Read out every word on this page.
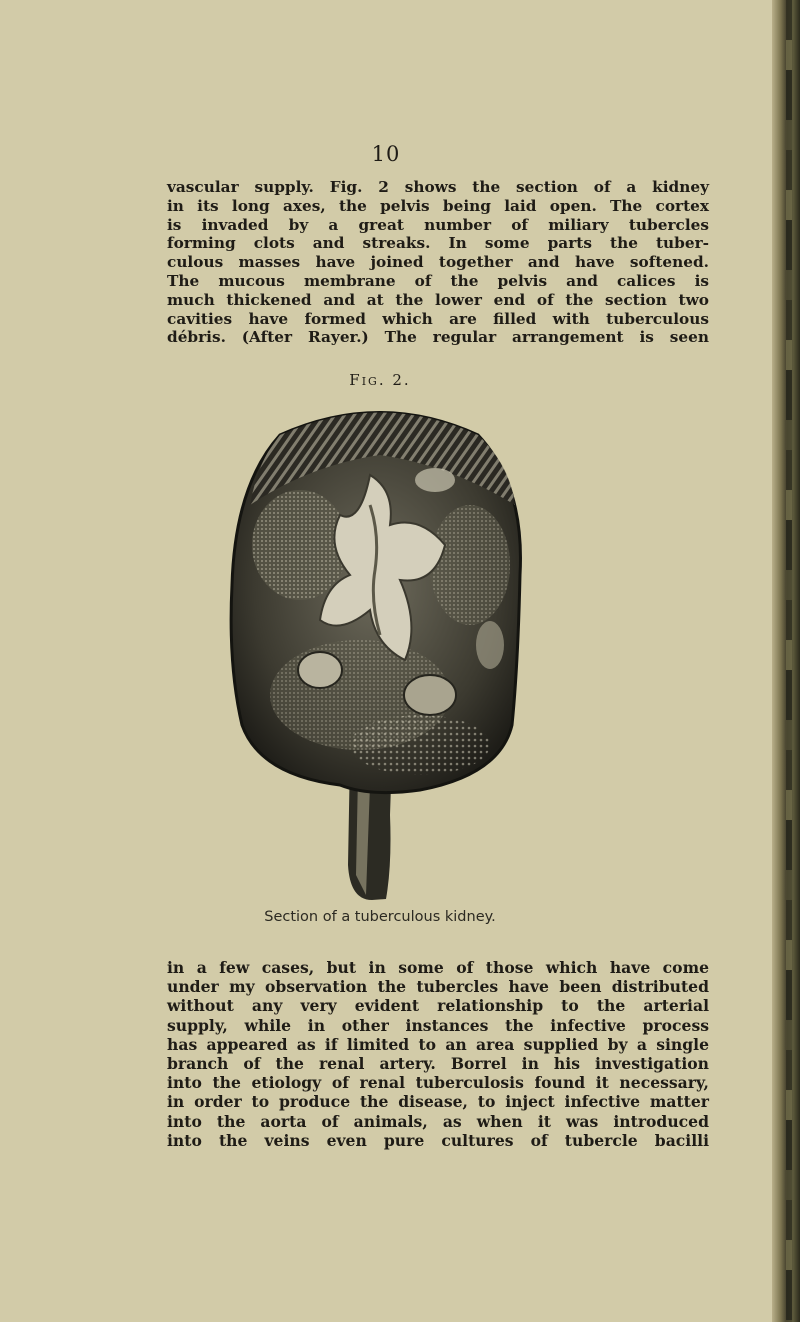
10
vascular supply. Fig. 2 shows the section of a kidney
in its long axes, the pelvis being laid open. The cortex
is invaded by a great number of miliary tubercles
forming clots and streaks. In some parts the tuber-
culous masses have joined together and have softened.
The mucous membrane of the pelvis and calices is
much thickened and at the lower end of the section two
cavities have formed which are filled with tuberculous
débris. (After Rayer.) The regular arrangement is seen
Fig. 2.
Section of a tuberculous kidney.
in a few cases, but in some of those which have come
under my observation the tubercles have been distributed
without any very evident relationship to the arterial
supply, while in other instances the infective process
has appeared as if limited to an area supplied by a single
branch of the renal artery. Borrel in his investigation
into the etiology of renal tuberculosis found it necessary,
in order to produce the disease, to inject infective matter
into the aorta of animals, as when it was introduced
into the veins even pure cultures of tubercle bacilli
